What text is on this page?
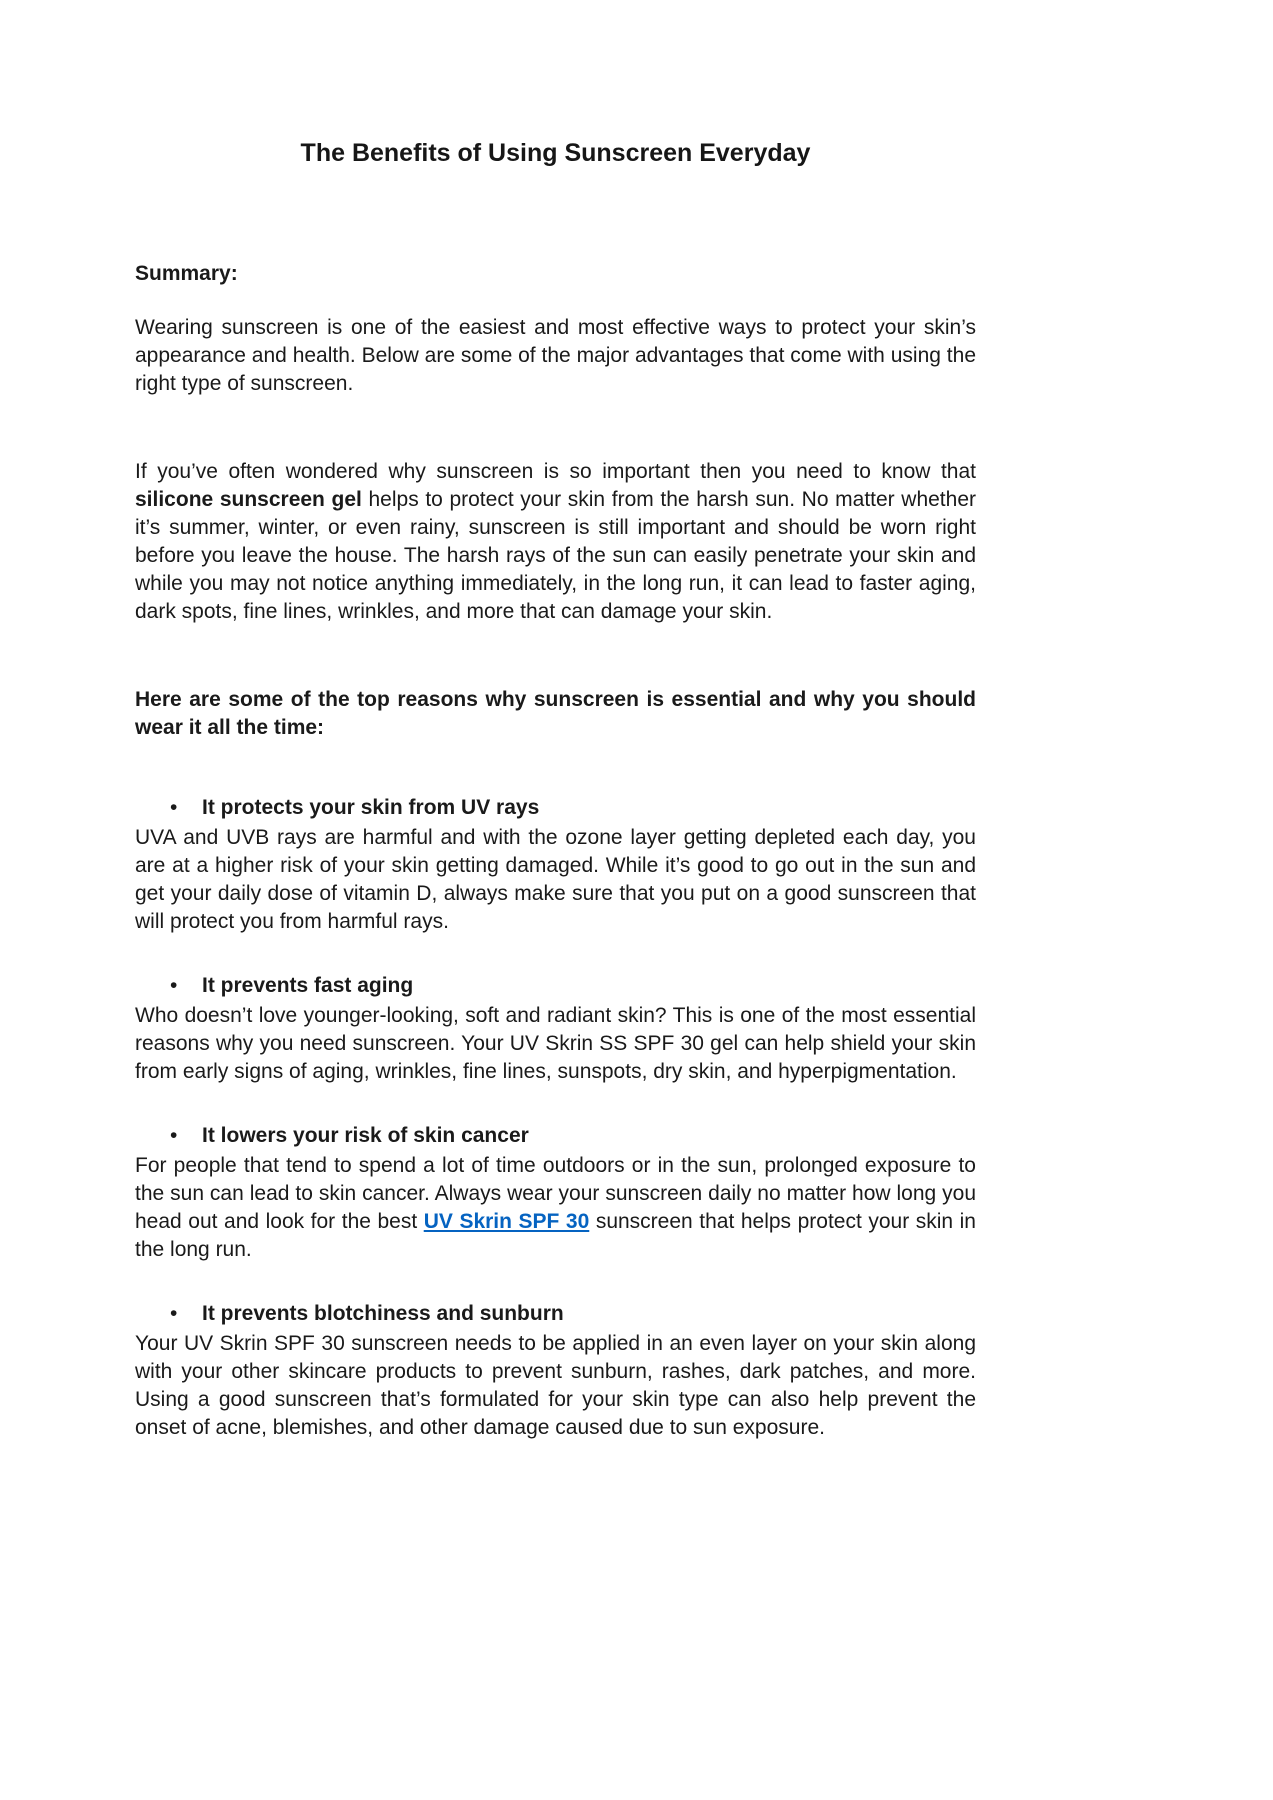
The Benefits of Using Sunscreen Everyday

Summary:

Wearing sunscreen is one of the easiest and most effective ways to protect your skin’s appearance and health. Below are some of the major advantages that come with using the right type of sunscreen.

If you’ve often wondered why sunscreen is so important then you need to know that silicone sunscreen gel helps to protect your skin from the harsh sun. No matter whether it’s summer, winter, or even rainy, sunscreen is still important and should be worn right before you leave the house. The harsh rays of the sun can easily penetrate your skin and while you may not notice anything immediately, in the long run, it can lead to faster aging, dark spots, fine lines, wrinkles, and more that can damage your skin.

Here are some of the top reasons why sunscreen is essential and why you should wear it all the time:

•	It protects your skin from UV rays

UVA and UVB rays are harmful and with the ozone layer getting depleted each day, you are at a higher risk of your skin getting damaged. While it’s good to go out in the sun and get your daily dose of vitamin D, always make sure that you put on a good sunscreen that will protect you from harmful rays.

•	It prevents fast aging

Who doesn’t love younger-looking, soft and radiant skin? This is one of the most essential reasons why you need sunscreen. Your UV Skrin SS SPF 30 gel can help shield your skin from early signs of aging, wrinkles, fine lines, sunspots, dry skin, and hyperpigmentation.

•	It lowers your risk of skin cancer

For people that tend to spend a lot of time outdoors or in the sun, prolonged exposure to the sun can lead to skin cancer. Always wear your sunscreen daily no matter how long you head out and look for the best UV Skrin SPF 30 sunscreen that helps protect your skin in the long run.

•	It prevents blotchiness and sunburn

Your UV Skrin SPF 30 sunscreen needs to be applied in an even layer on your skin along with your other skincare products to prevent sunburn, rashes, dark patches, and more. Using a good sunscreen that’s formulated for your skin type can also help prevent the onset of acne, blemishes, and other damage caused due to sun exposure.
